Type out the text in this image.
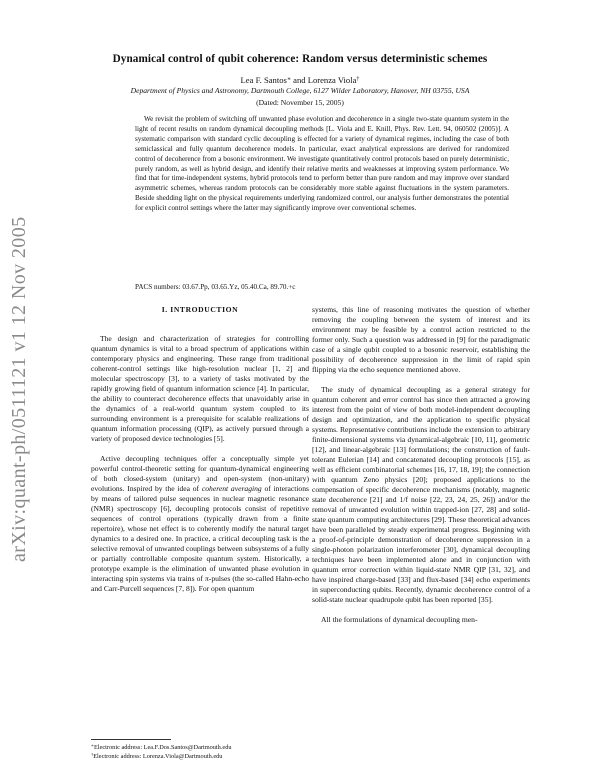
Dynamical control of qubit coherence: Random versus deterministic schemes
Lea F. Santos∗ and Lorenza Viola†
Department of Physics and Astronomy, Dartmouth College, 6127 Wilder Laboratory, Hanover, NH 03755, USA
(Dated: November 15, 2005)
We revisit the problem of switching off unwanted phase evolution and decoherence in a single two-state quantum system in the light of recent results on random dynamical decoupling methods [L. Viola and E. Knill, Phys. Rev. Lett. 94, 060502 (2005)]. A systematic comparison with standard cyclic decoupling is effected for a variety of dynamical regimes, including the case of both semiclassical and fully quantum decoherence models. In particular, exact analytical expressions are derived for randomized control of decoherence from a bosonic environment. We investigate quantitatively control protocols based on purely deterministic, purely random, as well as hybrid design, and identify their relative merits and weaknesses at improving system performance. We find that for time-independent systems, hybrid protocols tend to perform better than pure random and may improve over standard asymmetric schemes, whereas random protocols can be considerably more stable against fluctuations in the system parameters. Beside shedding light on the physical requirements underlying randomized control, our analysis further demonstrates the potential for explicit control settings where the latter may significantly improve over conventional schemes.
PACS numbers: 03.67.Pp, 03.65.Yz, 05.40.Ca, 89.70.+c
arXiv:quant-ph/0511121 v1 12 Nov 2005	I. INTRODUCTION

The design and characterization of strategies for controlling quantum dynamics is vital to a broad spectrum of applications within contemporary physics and engineering. These range from traditional coherent-control settings like high-resolution nuclear [1, 2] and molecular spectroscopy [3], to a variety of tasks motivated by the rapidly growing field of quantum information science [4]. In particular, the ability to counteract decoherence effects that unavoidably arise in the dynamics of a real-world quantum system coupled to its surrounding environment is a prerequisite for scalable realizations of quantum information processing (QIP), as actively pursued through a variety of proposed device technologies [5].

Active decoupling techniques offer a conceptually simple yet powerful control-theoretic setting for quantum-dynamical engineering of both closed-system (unitary) and open-system (non-unitary) evolutions. Inspired by the idea of coherent averaging of interactions by means of tailored pulse sequences in nuclear magnetic resonance (NMR) spectroscopy [6], decoupling protocols consist of repetitive sequences of control operations (typically drawn from a finite repertoire), whose net effect is to coherently modify the natural target dynamics to a desired one. In practice, a critical decoupling task is the selective removal of unwanted couplings between subsystems of a fully or partially controllable composite quantum system. Historically, a prototype example is the elimination of unwanted phase evolution in interacting spin systems via trains of π-pulses (the so-called Hahn-echo and Carr-Purcell sequences [7, 8]). For open quantum

systems, this line of reasoning motivates the question of whether removing the coupling between the system of interest and its environment may be feasible by a control action restricted to the former only. Such a question was addressed in [9] for the paradigmatic case of a single qubit coupled to a bosonic reservoir, establishing the possibility of decoherence suppression in the limit of rapid spin flipping via the echo sequence mentioned above.

The study of dynamical decoupling as a general strategy for quantum coherent and error control has since then attracted a growing interest from the point of view of both model-independent decoupling design and optimization, and the application to specific physical systems. Representative contributions include the extension to arbitrary finite-dimensional systems via dynamical-algebraic [10, 11], geometric [12], and linear-algebraic [13] formulations; the construction of fault-tolerant Eulerian [14] and concatenated decoupling protocols [15], as well as efficient combinatorial schemes [16, 17, 18, 19]; the connection with quantum Zeno physics [20]; proposed applications to the compensation of specific decoherence mechanisms (notably, magnetic state decoherence [21] and 1/f noise [22, 23, 24, 25, 26]) and/or the removal of unwanted evolution within trapped-ion [27, 28] and solid-state quantum computing architectures [29]. These theoretical advances have been paralleled by steady experimental progress. Beginning with a proof-of-principle demonstration of decoherence suppression in a single-photon polarization interferometer [30], dynamical decoupling techniques have been implemented alone and in conjunction with quantum error correction within liquid-state NMR QIP [31, 32], and have inspired charge-based [33] and flux-based [34] echo experiments in superconducting qubits. Recently, dynamic decoherence control of a solid-state nuclear quadrupole qubit has been reported [35].

All the formulations of dynamical decoupling men-

∗Electronic address: Lea.F.Dos.Santos@Dartmouth.edu
†Electronic address: Lorenza.Viola@Dartmouth.edu
